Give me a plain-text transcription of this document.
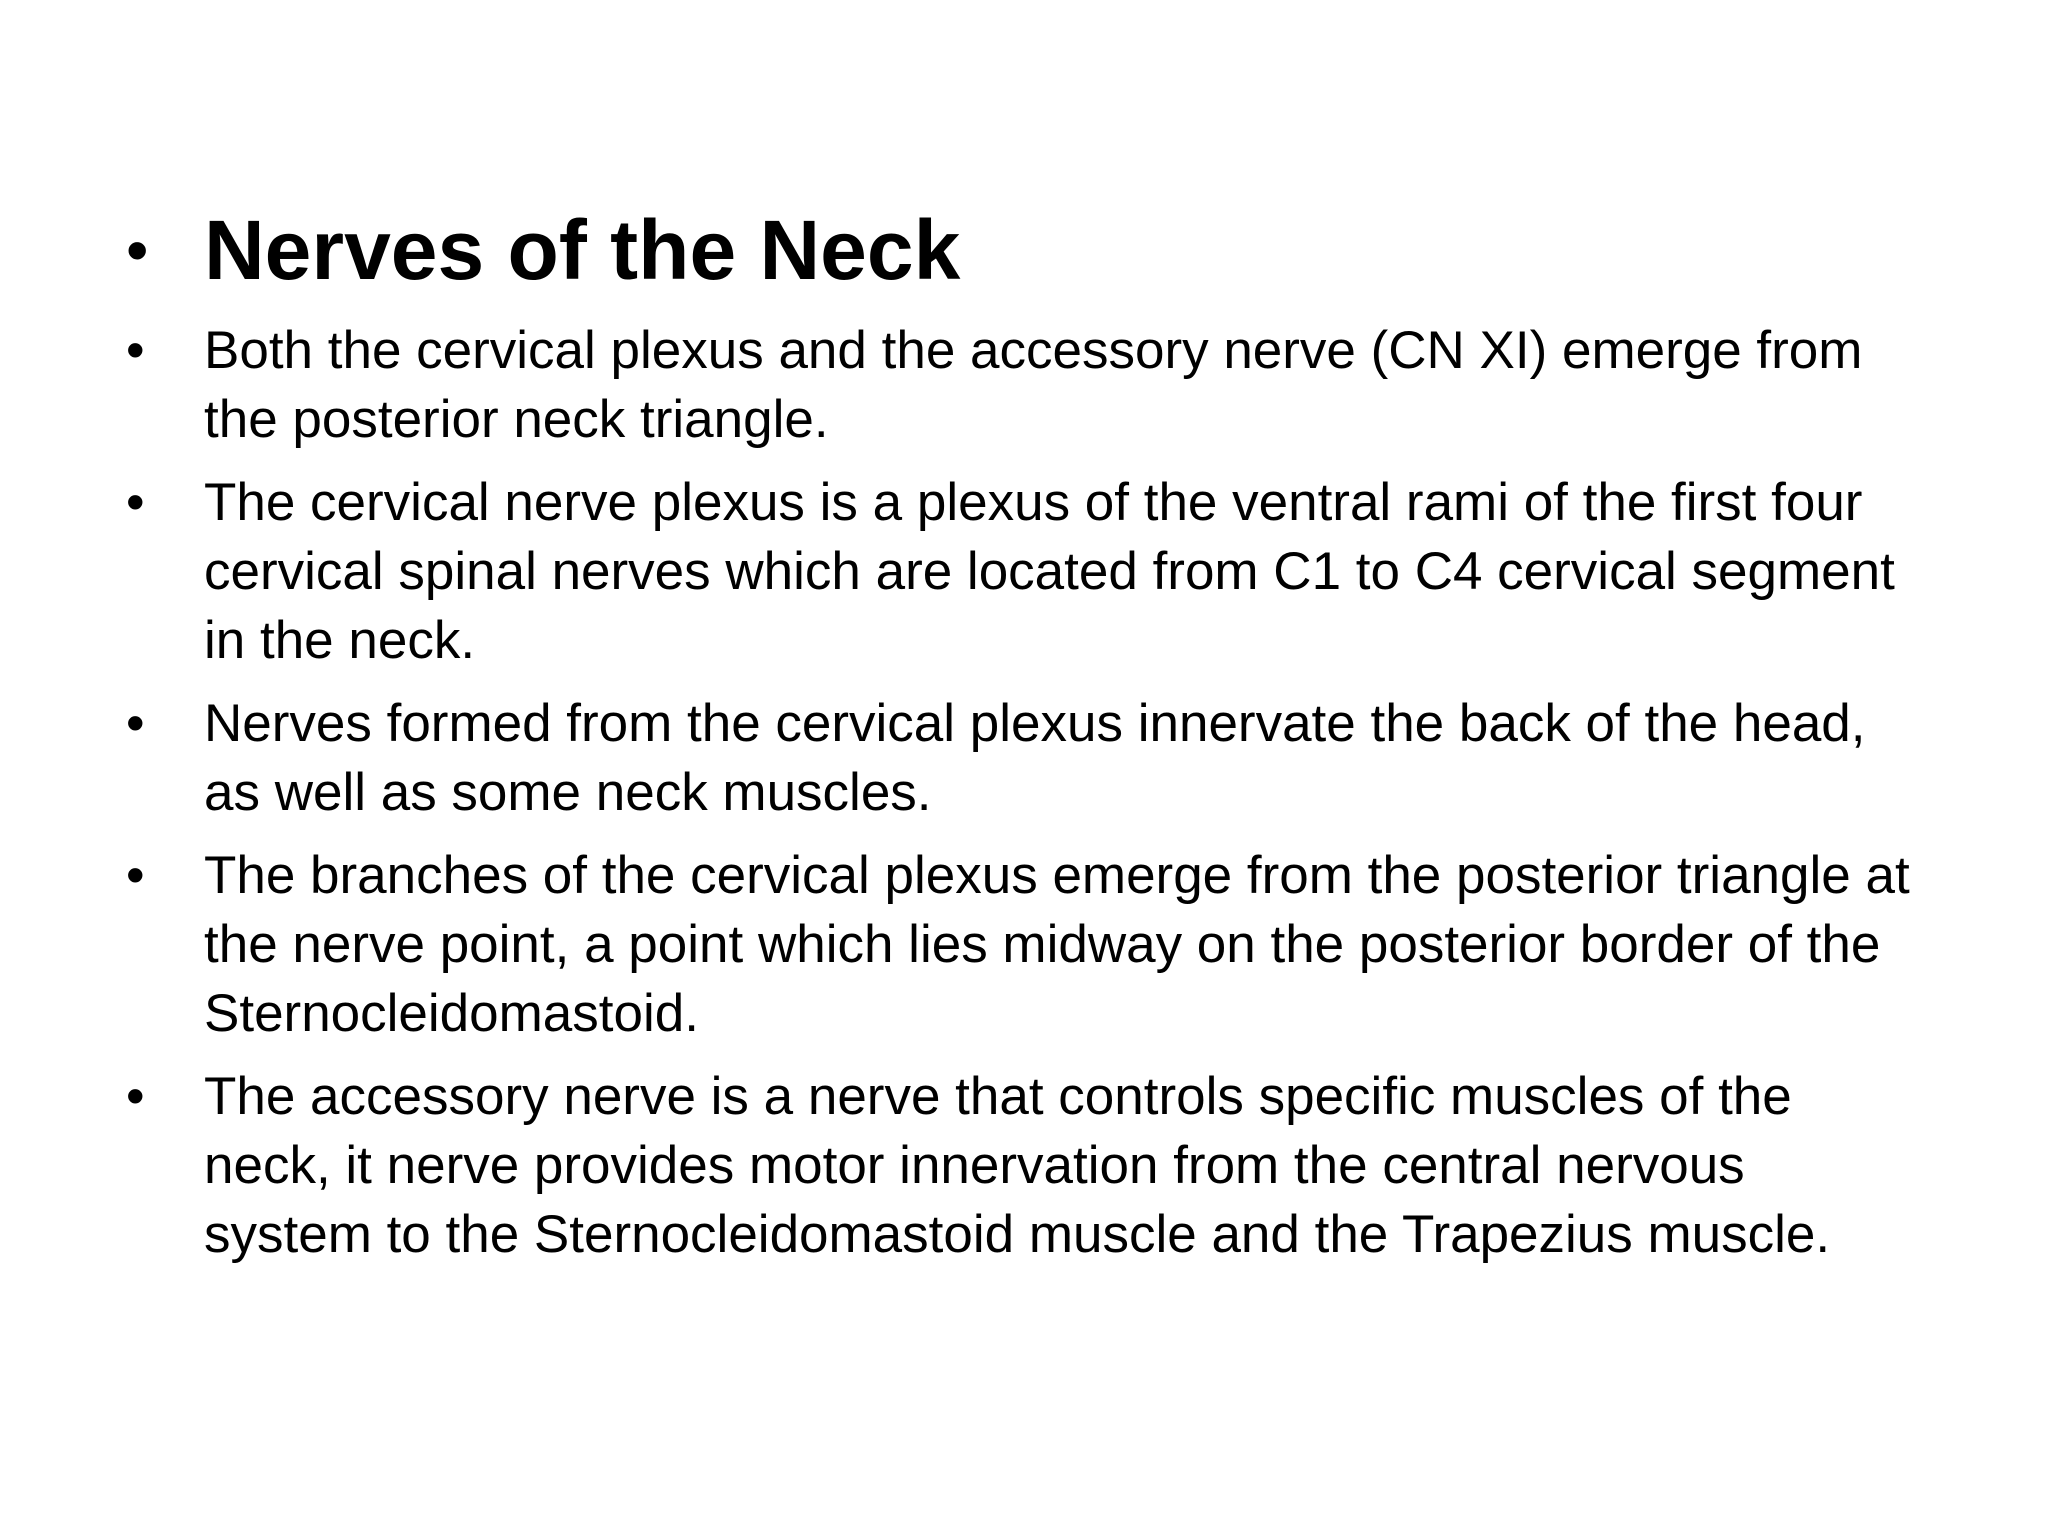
• Nerves of the Neck
•	Both the cervical plexus and the accessory nerve (CN XI) emerge from the posterior neck triangle.
•	The cervical nerve plexus is a plexus of the ventral rami of the first four cervical spinal nerves which are located from C1 to C4 cervical segment in the neck.
•	Nerves formed from the cervical plexus innervate the back of the head, as well as some neck muscles.
•	The branches of the cervical plexus emerge from the posterior triangle at the nerve point, a point which lies midway on the posterior border of the Sternocleidomastoid.
•	The accessory nerve is a nerve that controls specific muscles of the neck, it nerve provides motor innervation from the central nervous system to the Sternocleidomastoid muscle and the Trapezius muscle.
